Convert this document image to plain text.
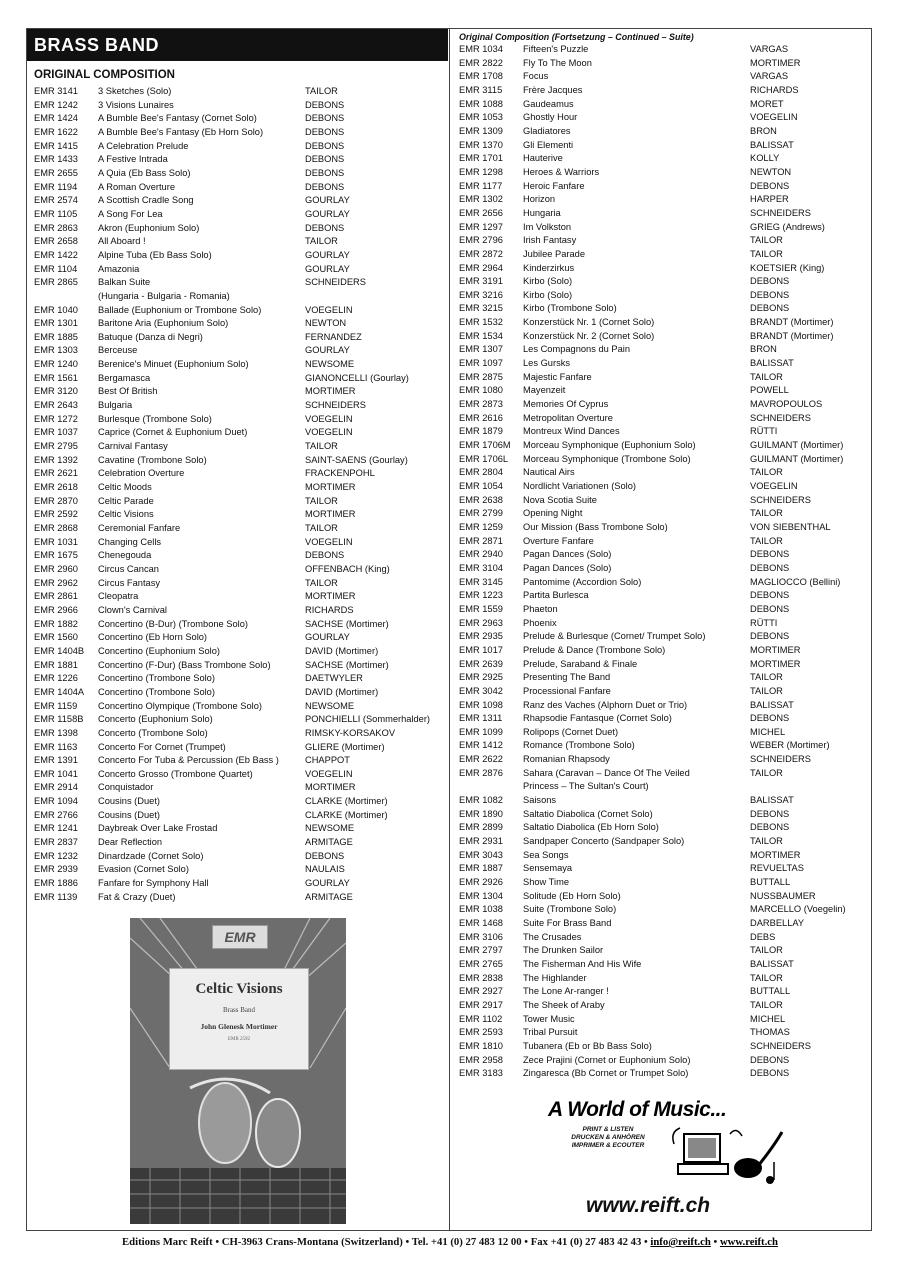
BRASS BAND
ORIGINAL COMPOSITION
EMR 3141	3 Sketches (Solo)	TAILOR
EMR 1242	3 Visions Lunaires	DEBONS
EMR 1424	A Bumble Bee's Fantasy (Cornet Solo)	DEBONS
EMR 1622	A Bumble Bee's Fantasy (Eb Horn Solo)	DEBONS
EMR 1415	A Celebration Prelude	DEBONS
EMR 1433	A Festive Intrada	DEBONS
EMR 2655	A Quia (Eb Bass Solo)	DEBONS
EMR 1194	A Roman Overture	DEBONS
EMR 2574	A Scottish Cradle Song	GOURLAY
EMR 1105	A Song For Lea	GOURLAY
EMR 2863	Akron (Euphonium Solo)	DEBONS
EMR 2658	All Aboard !	TAILOR
EMR 1422	Alpine Tuba (Eb Bass Solo)	GOURLAY
EMR 1104	Amazonia	GOURLAY
EMR 2865	Balkan Suite	SCHNEIDERS
(Hungaria - Bulgaria - Romania)
EMR 1040	Ballade (Euphonium or Trombone Solo)	VOEGELIN
EMR 1301	Baritone Aria (Euphonium Solo)	NEWTON
EMR 1885	Batuque (Danza di Negri)	FERNANDEZ
EMR 1303	Berceuse	GOURLAY
EMR 1240	Berenice's Minuet (Euphonium Solo)	NEWSOME
EMR 1561	Bergamasca	GIANONCELLI (Gourlay)
EMR 3120	Best Of British	MORTIMER
EMR 2643	Bulgaria	SCHNEIDERS
EMR 1272	Burlesque (Trombone Solo)	VOEGELIN
EMR 1037	Caprice (Cornet & Euphonium Duet)	VOEGELIN
EMR 2795	Carnival Fantasy	TAILOR
EMR 1392	Cavatine (Trombone Solo)	SAINT-SAENS (Gourlay)
EMR 2621	Celebration Overture	FRACKENPOHL
EMR 2618	Celtic Moods	MORTIMER
EMR 2870	Celtic Parade	TAILOR
EMR 2592	Celtic Visions	MORTIMER
EMR 2868	Ceremonial Fanfare	TAILOR
EMR 1031	Changing Cells	VOEGELIN
EMR 1675	Chenegouda	DEBONS
EMR 2960	Circus Cancan	OFFENBACH (King)
EMR 2962	Circus Fantasy	TAILOR
EMR 2861	Cleopatra	MORTIMER
EMR 2966	Clown's Carnival	RICHARDS
EMR 1882	Concertino (B-Dur) (Trombone Solo)	SACHSE (Mortimer)
EMR 1560	Concertino (Eb Horn Solo)	GOURLAY
EMR 1404B	Concertino (Euphonium Solo)	DAVID (Mortimer)
EMR 1881	Concertino (F-Dur) (Bass Trombone Solo)	SACHSE (Mortimer)
EMR 1226	Concertino (Trombone Solo)	DAETWYLER
EMR 1404A	Concertino (Trombone Solo)	DAVID (Mortimer)
EMR 1159	Concertino Olympique (Trombone Solo)	NEWSOME
EMR 1158B	Concerto (Euphonium Solo)	PONCHIELLI (Sommerhalder)
EMR 1398	Concerto (Trombone Solo)	RIMSKY-KORSAKOV
EMR 1163	Concerto For Cornet (Trumpet)	GLIERE (Mortimer)
EMR 1391	Concerto For Tuba & Percussion (Eb Bass )	CHAPPOT
EMR 1041	Concerto Grosso (Trombone Quartet)	VOEGELIN
EMR 2914	Conquistador	MORTIMER
EMR 1094	Cousins (Duet)	CLARKE (Mortimer)
EMR 2766	Cousins (Duet)	CLARKE (Mortimer)
EMR 1241	Daybreak Over Lake Frostad	NEWSOME
EMR 2837	Dear Reflection	ARMITAGE
EMR 1232	Dinardzade (Cornet Solo)	DEBONS
EMR 2939	Evasion (Cornet Solo)	NAULAIS
EMR 1886	Fanfare for Symphony Hall	GOURLAY
EMR 1139	Fat & Crazy (Duet)	ARMITAGE
EMR
Celtic Visions
Brass Band
John Glenesk Mortimer
EMR 2592
Original Composition (Fortsetzung – Continued – Suite)
EMR 1034	Fifteen's Puzzle	VARGAS
EMR 2822	Fly To The Moon	MORTIMER
EMR 1708	Focus	VARGAS
EMR 3115	Frère Jacques	RICHARDS
EMR 1088	Gaudeamus	MORET
EMR 1053	Ghostly Hour	VOEGELIN
EMR 1309	Gladiatores	BRON
EMR 1370	Gli Elementi	BALISSAT
EMR 1701	Hauterive	KOLLY
EMR 1298	Heroes & Warriors	NEWTON
EMR 1177	Heroic Fanfare	DEBONS
EMR 1302	Horizon	HARPER
EMR 2656	Hungaria	SCHNEIDERS
EMR 1297	Im Volkston	GRIEG (Andrews)
EMR 2796	Irish Fantasy	TAILOR
EMR 2872	Jubilee Parade	TAILOR
EMR 2964	Kinderzirkus	KOETSIER (King)
EMR 3191	Kirbo (Solo)	DEBONS
EMR 3216	Kirbo (Solo)	DEBONS
EMR 3215	Kirbo (Trombone Solo)	DEBONS
EMR 1532	Konzerstück Nr. 1 (Cornet Solo)	BRANDT (Mortimer)
EMR 1534	Konzerstück Nr. 2 (Cornet Solo)	BRANDT (Mortimer)
EMR 1307	Les Compagnons du Pain	BRON
EMR 1097	Les Gursks	BALISSAT
EMR 2875	Majestic Fanfare	TAILOR
EMR 1080	Mayenzeit	POWELL
EMR 2873	Memories Of Cyprus	MAVROPOULOS
EMR 2616	Metropolitan Overture	SCHNEIDERS
EMR 1879	Montreux Wind Dances	RÜTTI
EMR 1706M	Morceau Symphonique (Euphonium Solo)	GUILMANT (Mortimer)
EMR 1706L	Morceau Symphonique (Trombone Solo)	GUILMANT (Mortimer)
EMR 2804	Nautical Airs	TAILOR
EMR 1054	Nordlicht Variationen (Solo)	VOEGELIN
EMR 2638	Nova Scotia Suite	SCHNEIDERS
EMR 2799	Opening Night	TAILOR
EMR 1259	Our Mission (Bass Trombone Solo)	VON SIEBENTHAL
EMR 2871	Overture Fanfare	TAILOR
EMR 2940	Pagan Dances (Solo)	DEBONS
EMR 3104	Pagan Dances (Solo)	DEBONS
EMR 3145	Pantomime (Accordion Solo)	MAGLIOCCO (Bellini)
EMR 1223	Partita Burlesca	DEBONS
EMR 1559	Phaeton	DEBONS
EMR 2963	Phoenix	RÜTTI
EMR 2935	Prelude & Burlesque (Cornet/ Trumpet Solo)	DEBONS
EMR 1017	Prelude & Dance (Trombone Solo)	MORTIMER
EMR 2639	Prelude, Saraband & Finale	MORTIMER
EMR 2925	Presenting The Band	TAILOR
EMR 3042	Processional Fanfare	TAILOR
EMR 1098	Ranz des Vaches (Alphorn Duet or Trio)	BALISSAT
EMR 1311	Rhapsodie Fantasque (Cornet Solo)	DEBONS
EMR 1099	Rolipops (Cornet Duet)	MICHEL
EMR 1412	Romance (Trombone Solo)	WEBER (Mortimer)
EMR 2622	Romanian Rhapsody	SCHNEIDERS
EMR 2876	Sahara (Caravan – Dance Of The Veiled	TAILOR
Princess – The Sultan's Court)
EMR 1082	Saisons	BALISSAT
EMR 1890	Saltatio Diabolica (Cornet Solo)	DEBONS
EMR 2899	Saltatio Diabolica (Eb Horn Solo)	DEBONS
EMR 2931	Sandpaper Concerto (Sandpaper Solo)	TAILOR
EMR 3043	Sea Songs	MORTIMER
EMR 1887	Sensemaya	REVUELTAS
EMR 2926	Show Time	BUTTALL
EMR 1304	Solitude (Eb Horn Solo)	NUSSBAUMER
EMR 1038	Suite (Trombone Solo)	MARCELLO (Voegelin)
EMR 1468	Suite For Brass Band	DARBELLAY
EMR 3106	The Crusades	DEBS
EMR 2797	The Drunken Sailor	TAILOR
EMR 2765	The Fisherman And His Wife	BALISSAT
EMR 2838	The Highlander	TAILOR
EMR 2927	The Lone Ar-ranger !	BUTTALL
EMR 2917	The Sheek of Araby	TAILOR
EMR 1102	Tower Music	MICHEL
EMR 2593	Tribal Pursuit	THOMAS
EMR 1810	Tubanera (Eb or Bb Bass Solo)	SCHNEIDERS
EMR 2958	Zece Prajini (Cornet or Euphonium Solo)	DEBONS
EMR 3183	Zingaresca (Bb Cornet or Trumpet Solo)	DEBONS
A World of Music...
PRINT & LISTEN
DRUCKEN & ANHÖREN
IMPRIMER & ECOUTER
www.reift.ch
Editions Marc Reift • CH-3963 Crans-Montana (Switzerland) • Tel. +41 (0) 27 483 12 00 • Fax +41 (0) 27 483 42 43 • info@reift.ch • www.reift.ch
